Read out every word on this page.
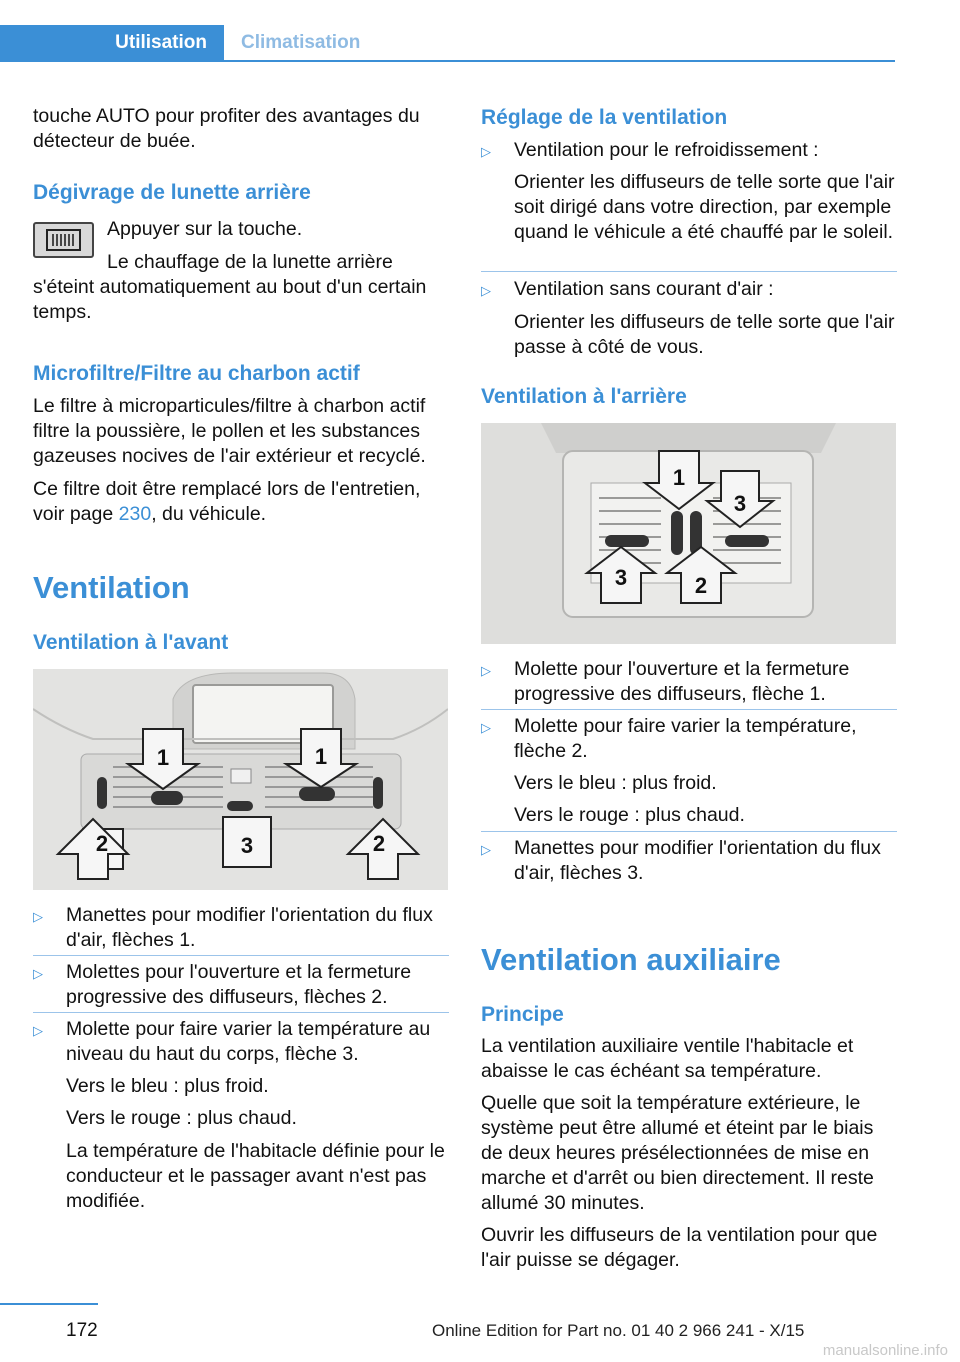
Utilisation	Climatisation
touche AUTO pour profiter des avantages du détecteur de buée.
Dégivrage de lunette arrière
Appuyer sur la touche.
Le chauffage de la lunette arrière
s'éteint automatiquement au bout d'un certain temps.
Microfiltre/Filtre au charbon actif
Le filtre à microparticules/filtre à charbon actif filtre la poussière, le pollen et les substances gazeuses nocives de l'air extérieur et recyclé.
Ce filtre doit être remplacé lors de l'entretien, voir page 230, du véhicule.
Ventilation
Ventilation à l'avant
1	1
2	3	2
▷ Manettes pour modifier l'orientation du flux d'air, flèches 1.
▷ Molettes pour l'ouverture et la fermeture progressive des diffuseurs, flèches 2.
▷ Molette pour faire varier la température au niveau du haut du corps, flèche 3.
Vers le bleu : plus froid.
Vers le rouge : plus chaud.
La température de l'habitacle définie pour le conducteur et le passager avant n'est pas modifiée.
Réglage de la ventilation
▷ Ventilation pour le refroidissement :
Orienter les diffuseurs de telle sorte que l'air soit dirigé dans votre direction, par exemple quand le véhicule a été chauffé par le soleil.
▷ Ventilation sans courant d'air :
Orienter les diffuseurs de telle sorte que l'air passe à côté de vous.
Ventilation à l'arrière
1
3
3	2
▷ Molette pour l'ouverture et la fermeture progressive des diffuseurs, flèche 1.
▷ Molette pour faire varier la température, flèche 2.
Vers le bleu : plus froid.
Vers le rouge : plus chaud.
▷ Manettes pour modifier l'orientation du flux d'air, flèches 3.
Ventilation auxiliaire
Principe
La ventilation auxiliaire ventile l'habitacle et abaisse le cas échéant sa température.
Quelle que soit la température extérieure, le système peut être allumé et éteint par le biais de deux heures présélectionnées de mise en marche et d'arrêt ou bien directement. Il reste allumé 30 minutes.
Ouvrir les diffuseurs de la ventilation pour que l'air puisse se dégager.
172	Online Edition for Part no. 01 40 2 966 241 - X/15
manualsonline.info
